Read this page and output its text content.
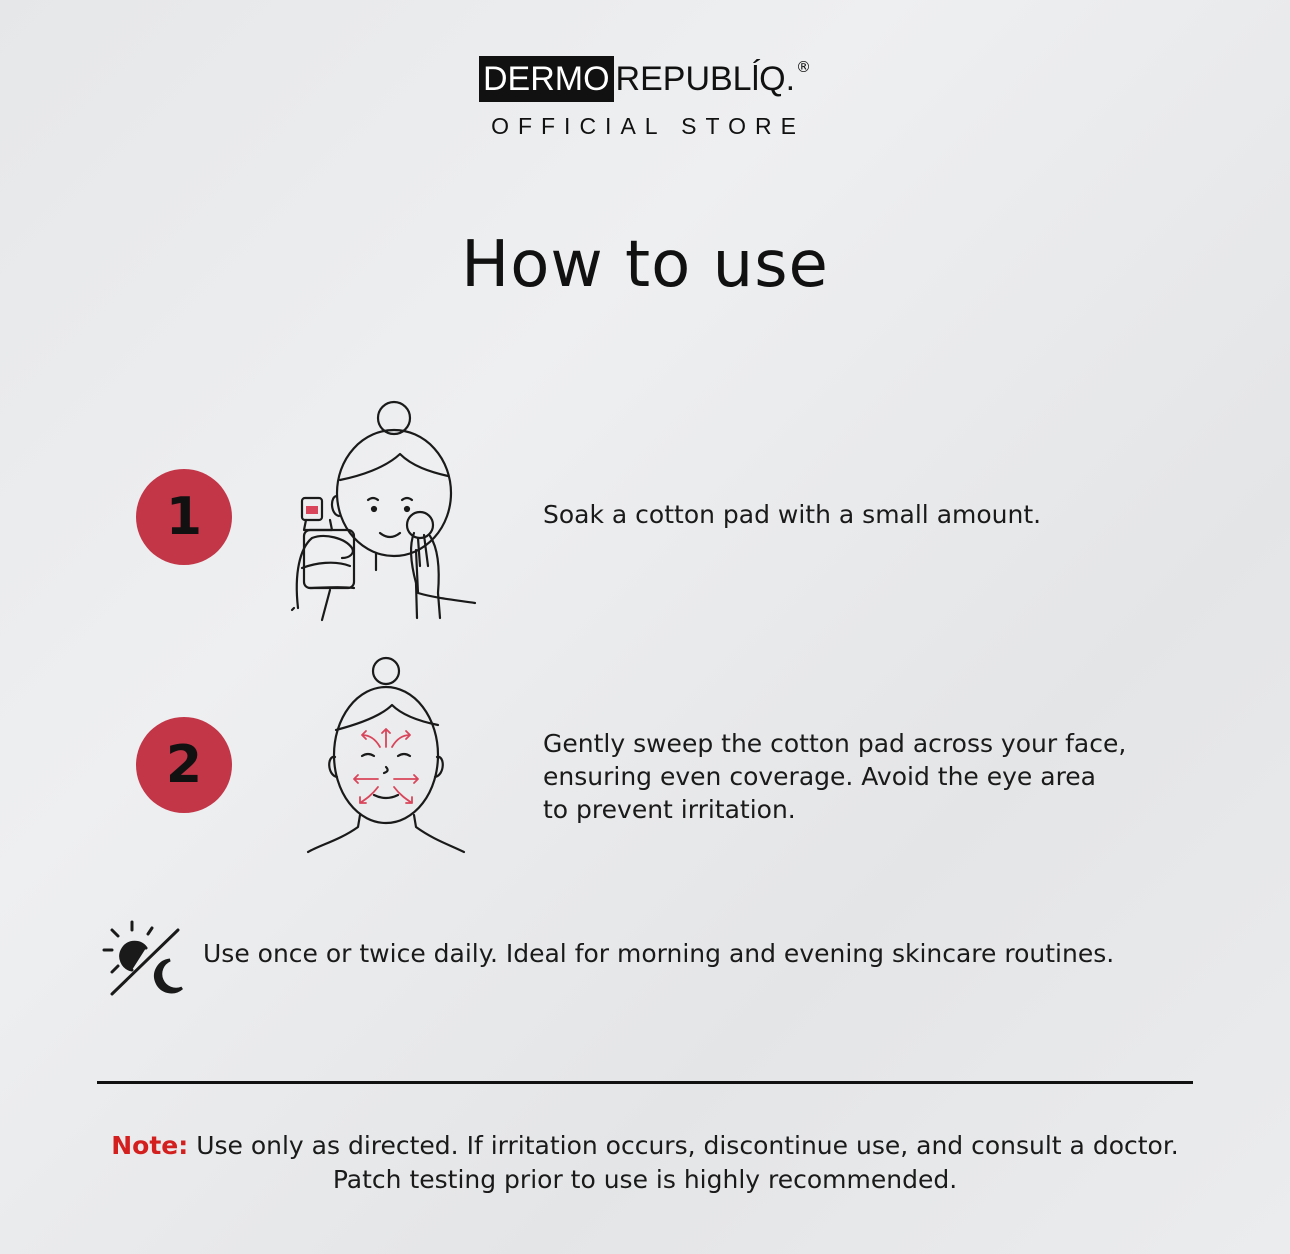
DERMO REPUBLĺQ. ®
OFFICIAL STORE
How to use
1	Soak a cotton pad with a small amount.
2	Gently sweep the cotton pad across your face,
ensuring even coverage. Avoid the eye area
to prevent irritation.
Use once or twice daily. Ideal for morning and evening skincare routines.
Note: Use only as directed. If irritation occurs, discontinue use, and consult a doctor.
Patch testing prior to use is highly recommended.
